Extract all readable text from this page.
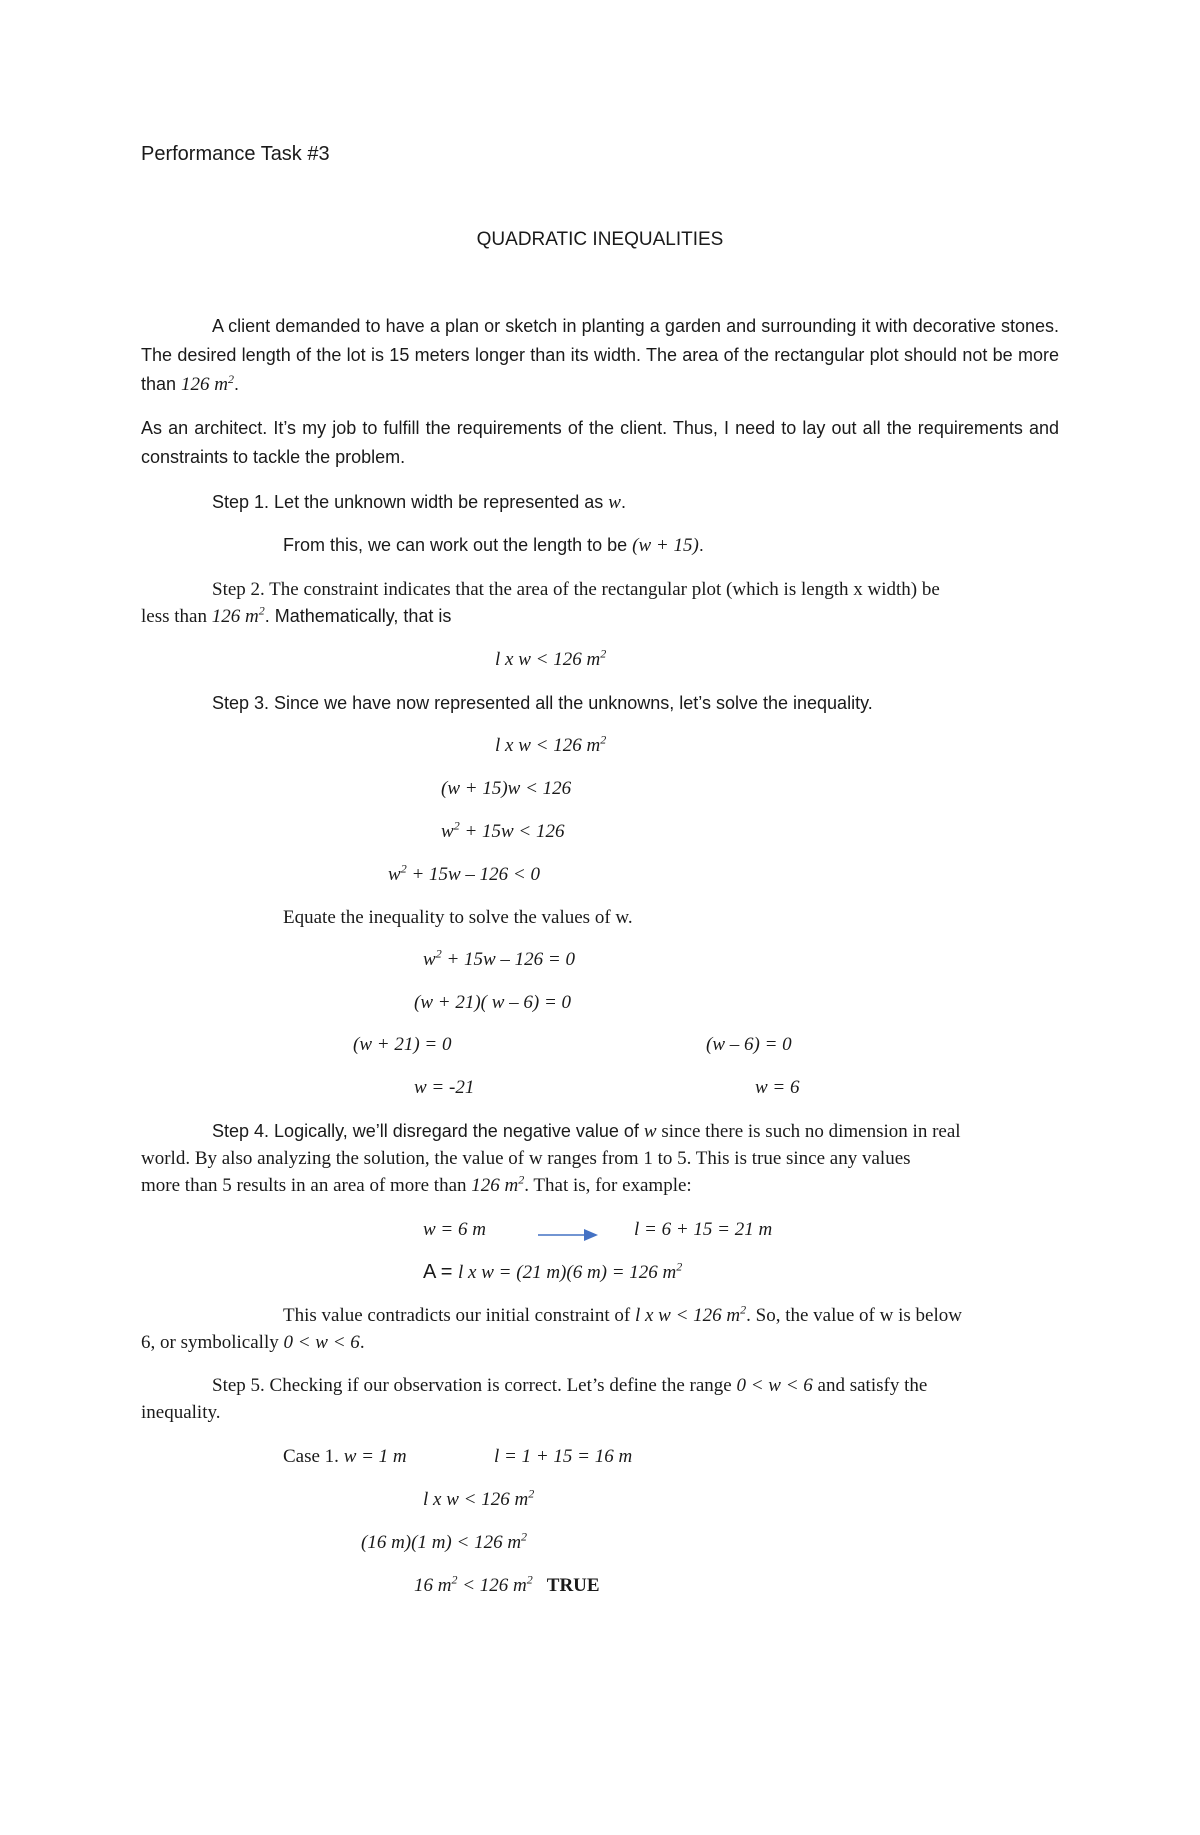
Performance Task #3
QUADRATIC INEQUALITIES

A client demanded to have a plan or sketch in planting a garden and surrounding it with decorative stones. The desired length of the lot is 15 meters longer than its width. The area of the rectangular plot should not be more than 126 $m^2$.

As an architect. It’s my job to fulfill the requirements of the client. Thus, I need to lay out all the requirements and constraints to tackle the problem.

Step 1. Let the unknown width be represented as w.
From this, we can work out the length to be (w + 15).
Step 2. The constraint indicates that the area of the rectangular plot (which is length x width) be
less than 126 $m^2$. Mathematically, that is
l x w < 126 $m^2$
Step 3. Since we have now represented all the unknowns, let’s solve the inequality.
l x w < 126 $m^2$
(w + 15)w < 126
$w^2 + 15w < 126$
$w^2 + 15w - 126 < 0$
Equate the inequality to solve the values of w.
$w^2 + 15w - 126 = 0$
(w + 21)( w – 6) = 0
(w + 21) = 0	(w – 6) = 0
w = -21	w = 6
Step 4. Logically, we’ll disregard the negative value of w since there is such no dimension in real
world. By also analyzing the solution, the value of w ranges from 1 to 5. This is true since any values
more than 5 results in an area of more than 126 $m^2$. That is, for example:
w = 6 m	l = 6 + 15 = 21 m
A = l x w = (21 m)(6 m) = 126 $m^2$
This value contradicts our initial constraint of l x w < 126 $m^2$. So, the value of w is below
6, or symbolically 0 < w < 6.
Step 5. Checking if our observation is correct. Let’s define the range 0 < w < 6 and satisfy the
inequality.
Case 1. w = 1 m	l = 1 + 15 = 16 m
l x w < 126 $m^2$
(16 m)(1 m) < 126 $m^2$
16 $m^2 < 126$ $m^2$ TRUE
